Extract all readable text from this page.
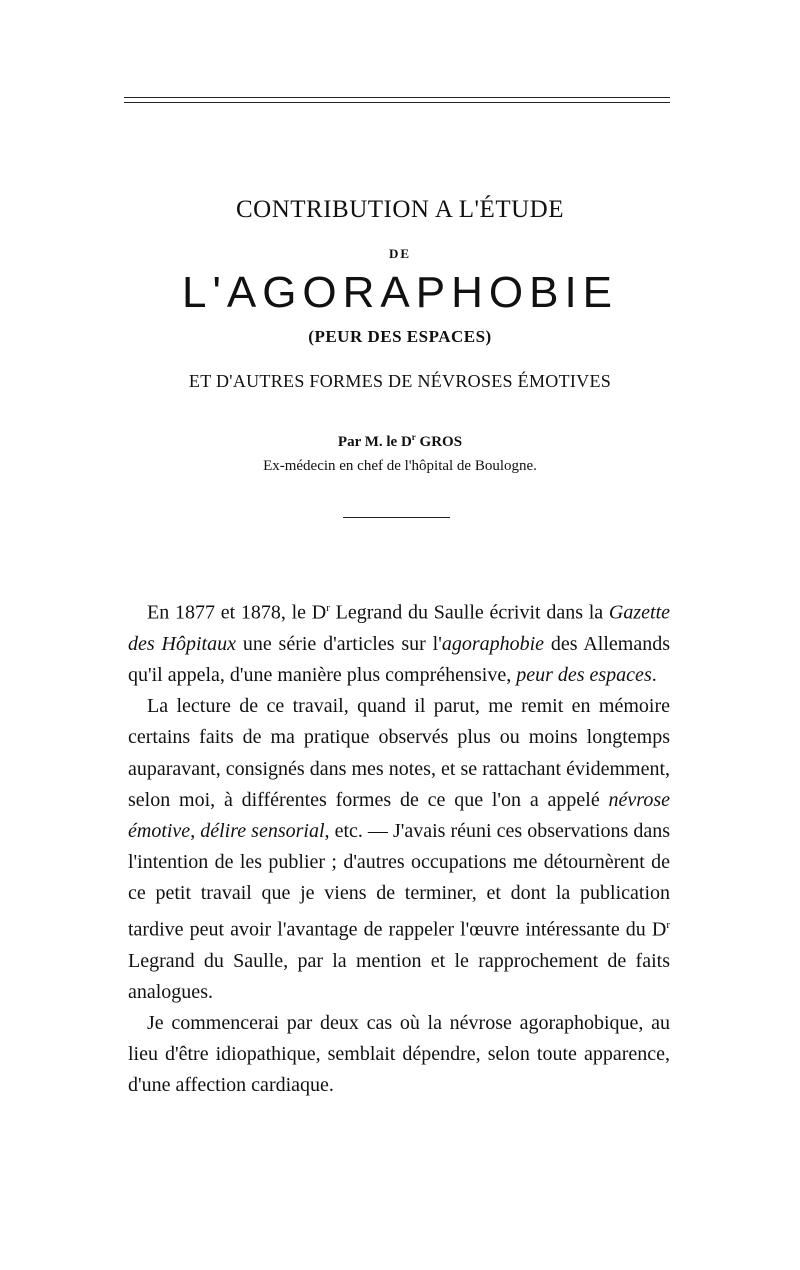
CONTRIBUTION A L'ÉTUDE
DE
L'AGORAPHOBIE
(PEUR DES ESPACES)
ET D'AUTRES FORMES DE NÉVROSES ÉMOTIVES
Par M. le $D^r$ GROS
Ex-médecin en chef de l'hôpital de Boulogne.

En 1877 et 1878, le $D^r$ Legrand du Saulle écrivit dans la Gazette des Hôpitaux une série d'articles sur l'agoraphobie des Allemands qu'il appela, d'une manière plus compréhensive, peur des espaces.

La lecture de ce travail, quand il parut, me remit en mémoire certains faits de ma pratique observés plus ou moins longtemps auparavant, consignés dans mes notes, et se rattachant évidemment, selon moi, à différentes formes de ce que l'on a appelé névrose émotive, délire sensorial, etc. — J'avais réuni ces observations dans l'intention de les publier ; d'autres occupations me détournèrent de ce petit travail que je viens de terminer, et dont la publication tardive peut avoir l'avantage de rappeler l'œuvre intéressante du $D^r$ Legrand du Saulle, par la mention et le rapprochement de faits analogues.

Je commencerai par deux cas où la névrose agoraphobique, au lieu d'être idiopathique, semblait dépendre, selon toute apparence, d'une affection cardiaque.
